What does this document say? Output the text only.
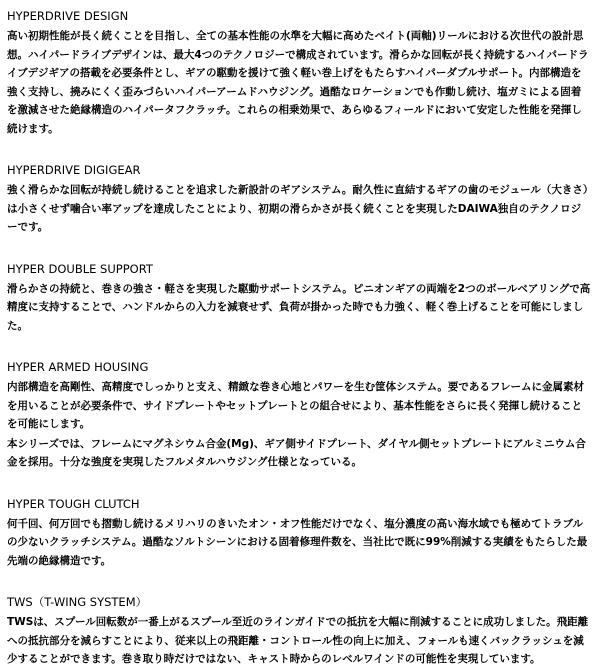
HYPERDRIVE DESIGN

高い初期性能が長く続くことを目指し、全ての基本性能の水準を大幅に高めたベイト(両軸)リールにおける次世代の設計思想。ハイパードライブデザインは、最大4つのテクノロジーで構成されています。滑らかな回転が長く持続するハイパードライブデジギアの搭載を必要条件とし、ギアの駆動を援けて強く軽い巻上げをもたらすハイパーダブルサポート。内部構造を強く支持し、撓みにくく歪みづらいハイパーアームドハウジング。過酷なロケーションでも作動し続け、塩ガミによる固着を激減させた絶縁構造のハイパータフクラッチ。これらの相乗効果で、あらゆるフィールドにおいて安定した性能を発揮し続けます。

HYPERDRIVE DIGIGEAR

強く滑らかな回転が持続し続けることを追求した新設計のギアシステム。耐久性に直結するギアの歯のモジュール（大きさ）は小さくせず噛合い率アップを達成したことにより、初期の滑らかさが長く続くことを実現したDAIWA独自のテクノロジーです。

HYPER DOUBLE SUPPORT

滑らかさの持続と、巻きの強さ・軽さを実現した駆動サポートシステム。ピニオンギアの両端を2つのボールベアリングで高精度に支持することで、ハンドルからの入力を減衰せず、負荷が掛かった時でも力強く、軽く巻上げることを可能にしました。

HYPER ARMED HOUSING

内部構造を高剛性、高精度でしっかりと支え、精緻な巻き心地とパワーを生む筐体システム。要であるフレームに金属素材を用いることが必要条件で、サイドプレートやセットプレートとの組合せにより、基本性能をさらに長く発揮し続けることを可能にします。

本シリーズでは、フレームにマグネシウム合金(Mg)、ギア側サイドプレート、ダイヤル側セットプレートにアルミニウム合金を採用。十分な強度を実現したフルメタルハウジング仕様となっている。

HYPER TOUGH CLUTCH

何千回、何万回でも摺動し続けるメリハリのきいたオン・オフ性能だけでなく、塩分濃度の高い海水域でも極めてトラブルの少ないクラッチシステム。過酷なソルトシーンにおける固着修理件数を、当社比で既に99%削減する実績をもたらした最先端の絶縁構造です。

TWS（T-WING SYSTEM）

TWSは、スプール回転数が一番上がるスプール至近のラインガイドでの抵抗を大幅に削減することに成功しました。飛距離への抵抗部分を減らすことにより、従来以上の飛距離・コントロール性の向上に加え、フォールも速くバックラッシュを減少することができます。巻き取り時だけではない、キャスト時からのレベルワインドの可能性を実現しています。
